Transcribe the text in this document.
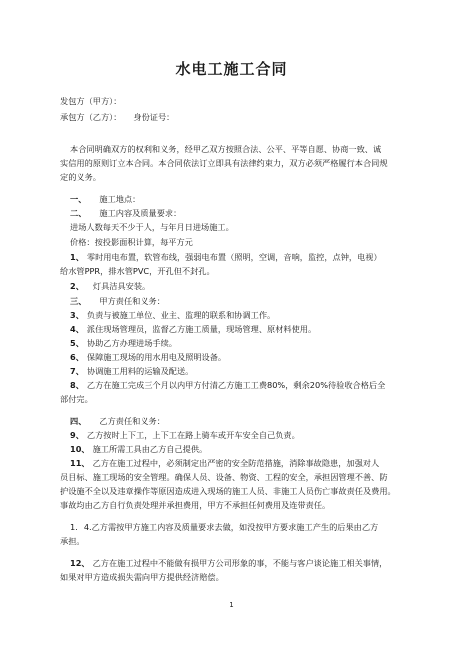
水电工施工合同
发包方（甲方）：
承包方（乙方）： 身份证号：
本合同明确双方的权利和义务，经甲乙双方按照合法、公平、平等自愿、协商一致、诚
实信用的原则订立本合同。本合同依法订立即具有法律约束力，双方必须严格履行本合同规
定的义务。
一、 施工地点：
二、 施工内容及质量要求：
进场人数每天不少于人，与年月日进场施工。
价格：按投影面积计算，每平方元
1、 零时用电布置，软管布线，强弱电布置（照明，空调，音响，监控，点钟，电视）
给水管PPR，排水管PVC，开孔但不封孔。
2、 灯具洁具安装。
三、 甲方责任和义务：
3、 负责与被施工单位、业主、监理的联系和协调工作。
4、 派住现场管理员，监督乙方施工质量，现场管理、原材料使用。
5、 协助乙方办理进场手续。
6、 保障施工现场的用水用电及照明设备。
7、 协调施工用料的运输及配送。
8、 乙方在施工完成三个月以内甲方付清乙方施工工费80%，剩余20%待验收合格后全
部付完。
四、 乙方责任和义务：
9、 乙方按时上下工，上下工在路上骑车或开车安全自己负责。
10、 施工所需工具由乙方自己提供。
11、 乙方在施工过程中，必须制定出严密的安全防范措施，消除事故隐患，加强对人
员目标、施工现场的安全管理。确保人员、设备、物资、工程的安全，承担因管理不善、防
护设施不全以及违章操作等原因造成进入现场的施工人员、非施工人员伤亡事故责任及费用。
事故均由乙方自行负责处理并承担费用，甲方不承担任何费用及连带责任。
1. 4.乙方需按甲方施工内容及质量要求去做，如没按甲方要求施工产生的后果由乙方
承担。
12、 乙方在施工过程中不能做有损甲方公司形象的事，不能与客户谈论施工相关事情，
如果对甲方造成损失需向甲方提供经济赔偿。
1
